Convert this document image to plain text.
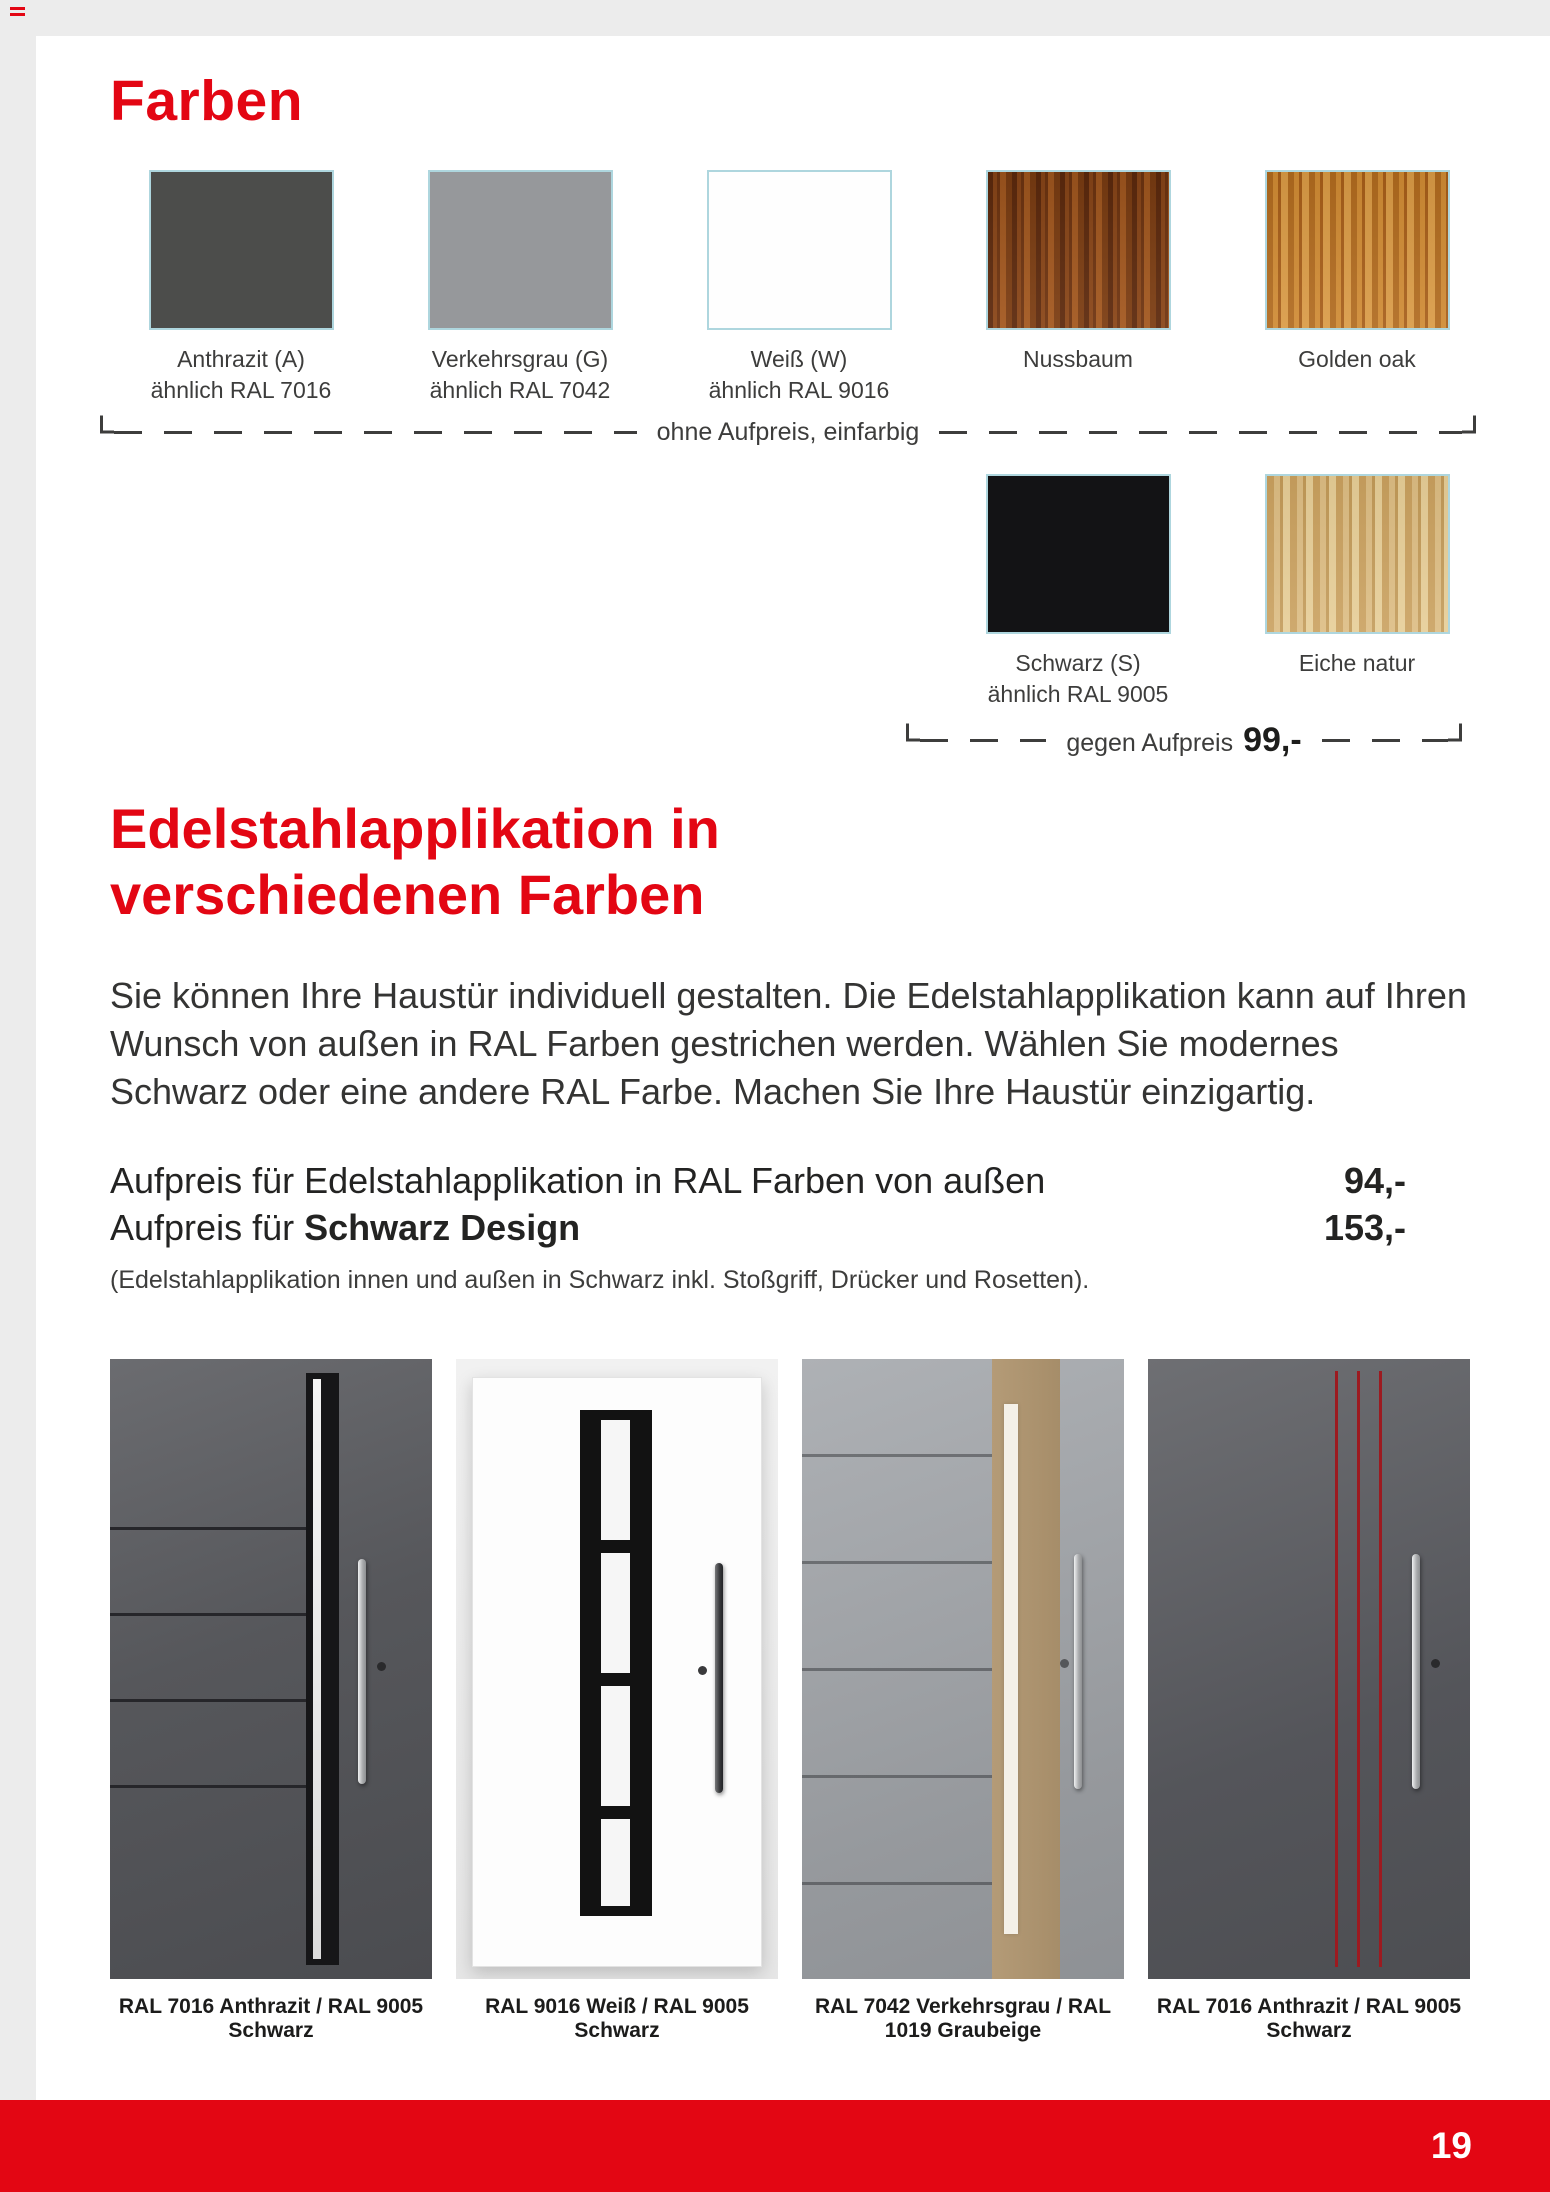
Farben
Anthrazit (A)
ähnlich RAL 7016
Verkehrsgrau (G)
ähnlich RAL 7042
Weiß (W)
ähnlich RAL 9016
Nussbaum	Golden oak
ohne Aufpreis, einfarbig
Schwarz (S)
ähnlich RAL 9005
Eiche natur
gegen Aufpreis 99,-
Edelstahlapplikation in
verschiedenen Farben

Sie können Ihre Haustür individuell gestalten. Die Edelstahlapplikation kann auf Ihren Wunsch von außen in RAL Farben gestrichen werden. Wählen Sie modernes Schwarz oder eine andere RAL Farbe. Machen Sie Ihre Haustür einzigartig.

Aufpreis für Edelstahlapplikation in RAL Farben von außen	94,-
Aufpreis für Schwarz Design	153,-

(Edelstahlapplikation innen und außen in Schwarz inkl. Stoßgriff, Drücker und Rosetten).

RAL 7016 Anthrazit / RAL 9005 Schwarz
RAL 9016 Weiß / RAL 9005 Schwarz
RAL 7042 Verkehrsgrau / RAL 1019 Graubeige
RAL 7016 Anthrazit / RAL 9005 Schwarz
19
